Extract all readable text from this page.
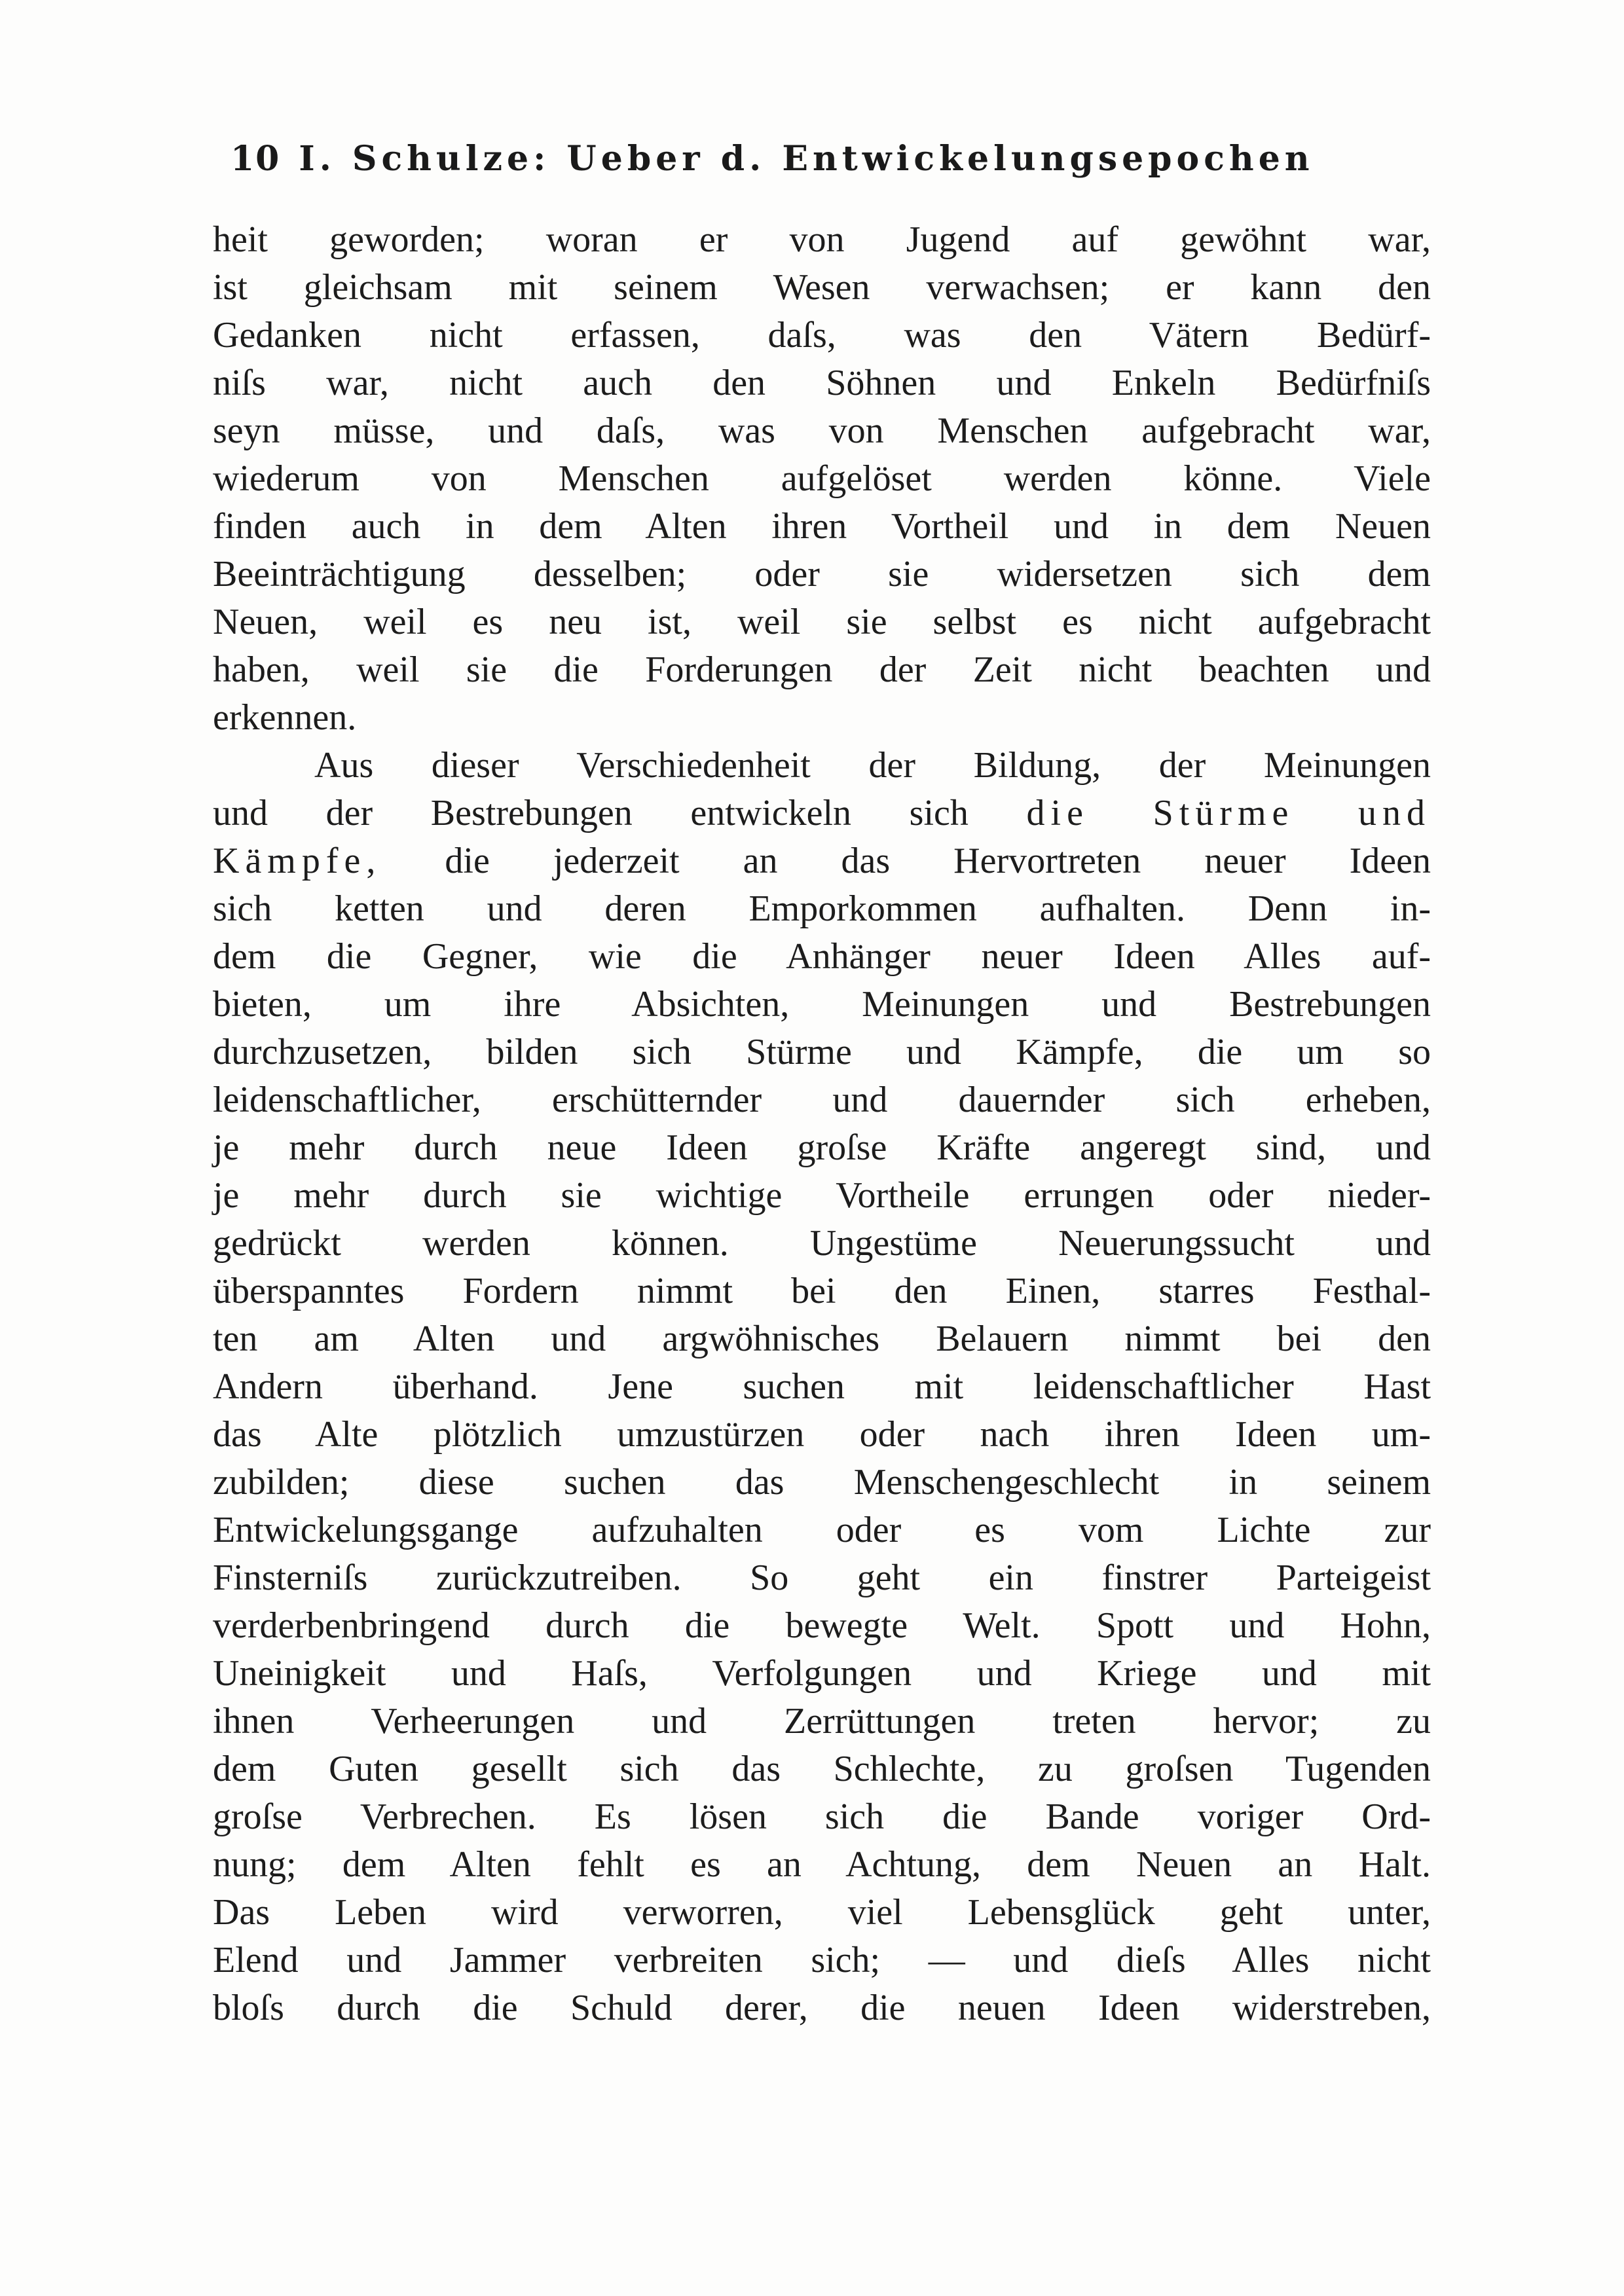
10 I. Schulze: Ueber d. Entwickelungsepochen
heit geworden; woran er von Jugend auf gewöhnt war,
ist gleichsam mit seinem Wesen verwachsen; er kann den
Gedanken nicht erfassen, daſs, was den Vätern Bedürf-
niſs war, nicht auch den Söhnen und Enkeln Bedürfniſs
seyn müsse, und daſs, was von Menschen aufgebracht war,
wiederum von Menschen aufgelöset werden könne. Viele
finden auch in dem Alten ihren Vortheil und in dem Neuen
Beeinträchtigung desselben; oder sie widersetzen sich dem
Neuen, weil es neu ist, weil sie selbst es nicht aufgebracht
haben, weil sie die Forderungen der Zeit nicht beachten und
erkennen.
Aus dieser Verschiedenheit der Bildung, der Meinungen
und der Bestrebungen entwickeln sich die Stürme und
Kämpfe, die jederzeit an das Hervortreten neuer Ideen
sich ketten und deren Emporkommen aufhalten. Denn in-
dem die Gegner, wie die Anhänger neuer Ideen Alles auf-
bieten, um ihre Absichten, Meinungen und Bestrebungen
durchzusetzen, bilden sich Stürme und Kämpfe, die um so
leidenschaftlicher, erschütternder und dauernder sich erheben,
je mehr durch neue Ideen groſse Kräfte angeregt sind, und
je mehr durch sie wichtige Vortheile errungen oder nieder-
gedrückt werden können. Ungestüme Neuerungssucht und
überspanntes Fordern nimmt bei den Einen, starres Festhal-
ten am Alten und argwöhnisches Belauern nimmt bei den
Andern überhand. Jene suchen mit leidenschaftlicher Hast
das Alte plötzlich umzustürzen oder nach ihren Ideen um-
zubilden; diese suchen das Menschengeschlecht in seinem
Entwickelungsgange aufzuhalten oder es vom Lichte zur
Finsterniſs zurückzutreiben. So geht ein finstrer Parteigeist
verderbenbringend durch die bewegte Welt. Spott und Hohn,
Uneinigkeit und Haſs, Verfolgungen und Kriege und mit
ihnen Verheerungen und Zerrüttungen treten hervor; zu
dem Guten gesellt sich das Schlechte, zu groſsen Tugenden
groſse Verbrechen. Es lösen sich die Bande voriger Ord-
nung; dem Alten fehlt es an Achtung, dem Neuen an Halt.
Das Leben wird verworren, viel Lebensglück geht unter,
Elend und Jammer verbreiten sich; — und dieſs Alles nicht
bloſs durch die Schuld derer, die neuen Ideen widerstreben,
